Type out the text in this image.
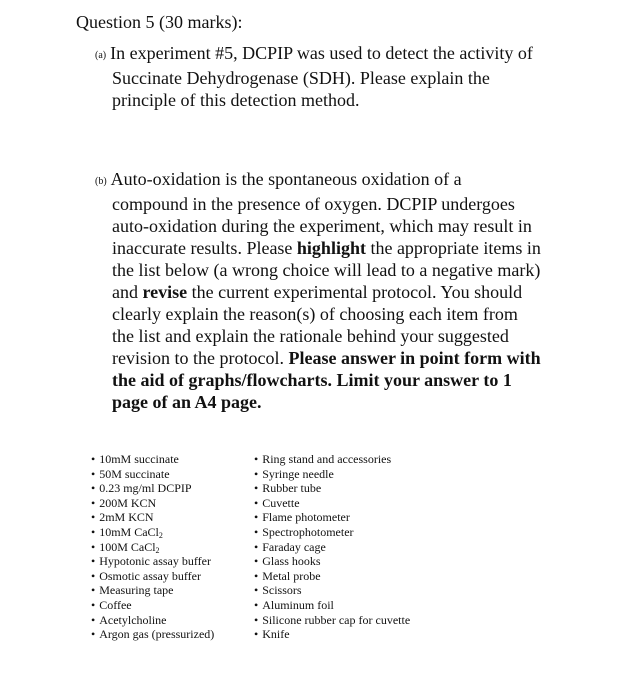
Question 5 (30 marks):
(a) In experiment #5, DCPIP was used to detect the activity of
Succinate Dehydrogenase (SDH). Please explain the
principle of this detection method.
(b) Auto-oxidation is the spontaneous oxidation of a
compound in the presence of oxygen. DCPIP undergoes
auto-oxidation during the experiment, which may result in
inaccurate results. Please highlight the appropriate items in
the list below (a wrong choice will lead to a negative mark)
and revise the current experimental protocol. You should
clearly explain the reason(s) of choosing each item from
the list and explain the rationale behind your suggested
revision to the protocol. Please answer in point form with
the aid of graphs/flowcharts. Limit your answer to 1
page of an A4 page.
• 10mM succinate
• 50M succinate
• 0.23 mg/ml DCPIP
• 200M KCN
• 2mM KCN
• 10mM CaCl$_2$
• 100M CaCl$_2$
• Hypotonic assay buffer
• Osmotic assay buffer
• Measuring tape
• Coffee
• Acetylcholine
• Argon gas (pressurized)
• Ring stand and accessories
• Syringe needle
• Rubber tube
• Cuvette
• Flame photometer
• Spectrophotometer
• Faraday cage
• Glass hooks
• Metal probe
• Scissors
• Aluminum foil
• Silicone rubber cap for cuvette
• Knife
